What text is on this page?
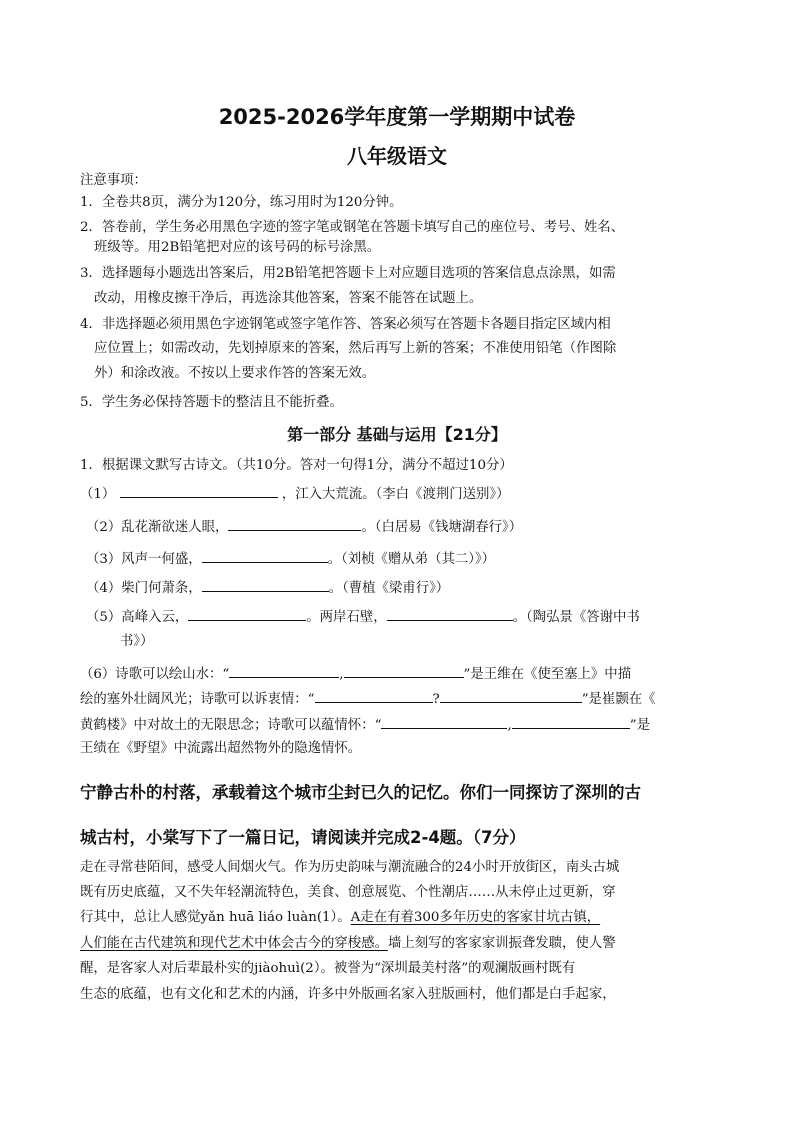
2025-2026学年度第一学期期中试卷
八年级语文
注意事项：
1．全卷共8页，满分为120分，练习用时为120分钟。
2．答卷前，学生务必用黑色字迹的签字笔或钢笔在答题卡填写自己的座位号、考号、姓名、
班级等。用2B铅笔把对应的该号码的标号涂黑。
3．选择题每小题选出答案后，用2B铅笔把答题卡上对应题目选项的答案信息点涂黑，如需
改动，用橡皮擦干净后，再选涂其他答案，答案不能答在试题上。
4．非选择题必须用黑色字迹钢笔或签字笔作答、答案必须写在答题卡各题目指定区域内相
应位置上；如需改动，先划掉原来的答案，然后再写上新的答案；不准使用铅笔（作图除
外）和涂改液。不按以上要求作答的答案无效。
5．学生务必保持答题卡的整洁且不能折叠。
第一部分 基础与运用【21分】
1．根据课文默写古诗文。（共10分。答对一句得1分，满分不超过10分）
（1）	，江入大荒流。（李白《渡荆门送别》）
（2）乱花渐欲迷人眼，	。（白居易《钱塘湖春行》）
（3）风声一何盛，	。（刘桢《赠从弟（其二）》）
（4）柴门何萧条，	。（曹植《梁甫行》）
（5）高峰入云，	。两岸石壁，	。（陶弘景《答谢中书
书》）
（6）诗歌可以绘山水：“	,	”是王维在《使至塞上》中描
绘的塞外壮阔风光；诗歌可以诉衷情：“	?	”是崔颢在《
黄鹤楼》中对故土的无限思念；诗歌可以蕴情怀：“	,	”是
王绩在《野望》中流露出超然物外的隐逸情怀。
宁静古朴的村落，承载着这个城市尘封已久的记忆。你们一同探访了深圳的古
城古村，小棠写下了一篇日记，请阅读并完成2-4题。（7分）
走在寻常巷陌间，感受人间烟火气。作为历史韵味与潮流融合的24小时开放街区，南头古城
既有历史底蕴，又不失年轻潮流特色，美食、创意展览、个性潮店……从未停止过更新，穿
行其中，总让人感觉yǎn huā liáo luàn(1）。A走在有着300多年历史的客家甘坑古镇，
人们能在古代建筑和现代艺术中体会古今的穿梭感。墙上刻写的客家家训振聋发聩，使人警
醒，是客家人对后辈最朴实的jiàohuì(2）。被誉为“深圳最美村落”的观澜版画村既有
生态的底蕴，也有文化和艺术的内涵，许多中外版画名家入驻版画村，他们都是白手起家，
